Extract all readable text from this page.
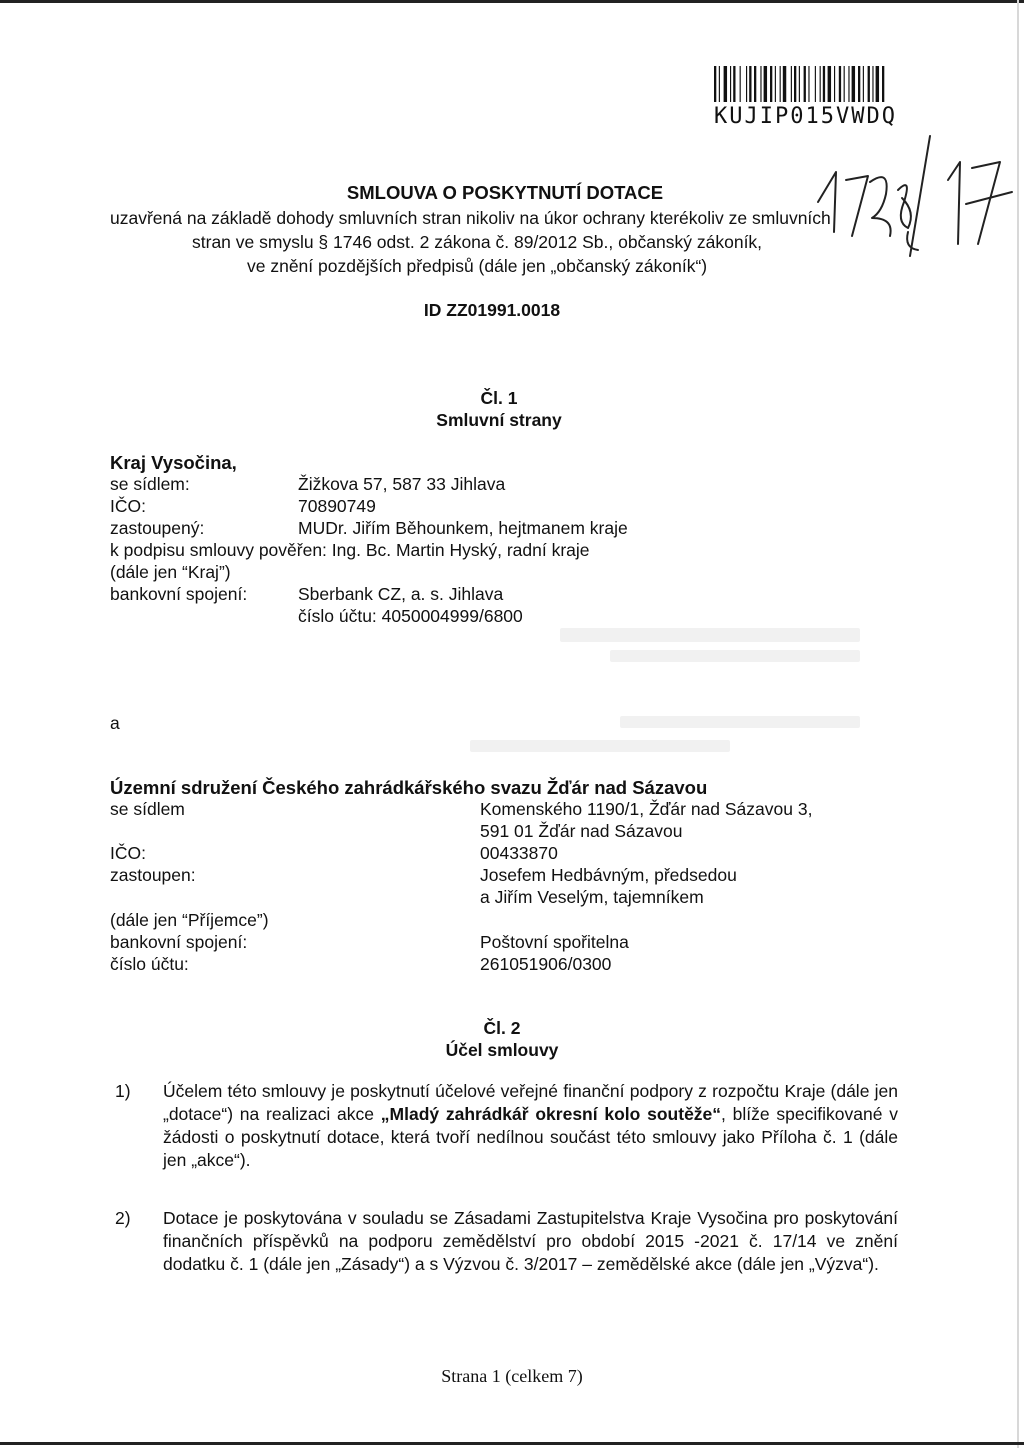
KUJIP015VWDQ
SMLOUVA O POSKYTNUTÍ DOTACE
uzavřená na základě dohody smluvních stran nikoliv na úkor ochrany kterékoliv ze smluvních
stran ve smyslu § 1746 odst. 2 zákona č. 89/2012 Sb., občanský zákoník,
ve znění pozdějších předpisů (dále jen „občanský zákoník“)
ID ZZ01991.0018
Čl. 1
Smluvní strany
Kraj Vysočina,
se sídlem:	Žižkova 57, 587 33 Jihlava
IČO:	70890749
zastoupený:	MUDr. Jiřím Běhounkem, hejtmanem kraje
k podpisu smlouvy pověřen: Ing. Bc. Martin Hyský, radní kraje
(dále jen “Kraj”)
bankovní spojení:	Sberbank CZ, a. s. Jihlava
číslo účtu: 4050004999/6800
a
Územní sdružení Českého zahrádkářského svazu Žďár nad Sázavou
se sídlem	Komenského 1190/1, Žďár nad Sázavou 3,
591 01 Žďár nad Sázavou
IČO:	00433870
zastoupen:	Josefem Hedbávným, předsedou
a Jiřím Veselým, tajemníkem
(dále jen “Příjemce”)
bankovní spojení:	Poštovní spořitelna
číslo účtu:	261051906/0300
Čl. 2
Účel smlouvy
1) Účelem této smlouvy je poskytnutí účelové veřejné finanční podpory z rozpočtu Kraje (dále jen „dotace“) na realizaci akce „Mladý zahrádkář okresní kolo soutěže“, blíže specifikované v žádosti o poskytnutí dotace, která tvoří nedílnou součást této smlouvy jako Příloha č. 1 (dále jen „akce“).
2) Dotace je poskytována v souladu se Zásadami Zastupitelstva Kraje Vysočina pro poskytování finančních příspěvků na podporu zemědělství pro období 2015 -2021 č. 17/14 ve znění dodatku č. 1 (dále jen „Zásady“) a s Výzvou č. 3/2017 – zemědělské akce (dále jen „Výzva“).
Strana 1 (celkem 7)
